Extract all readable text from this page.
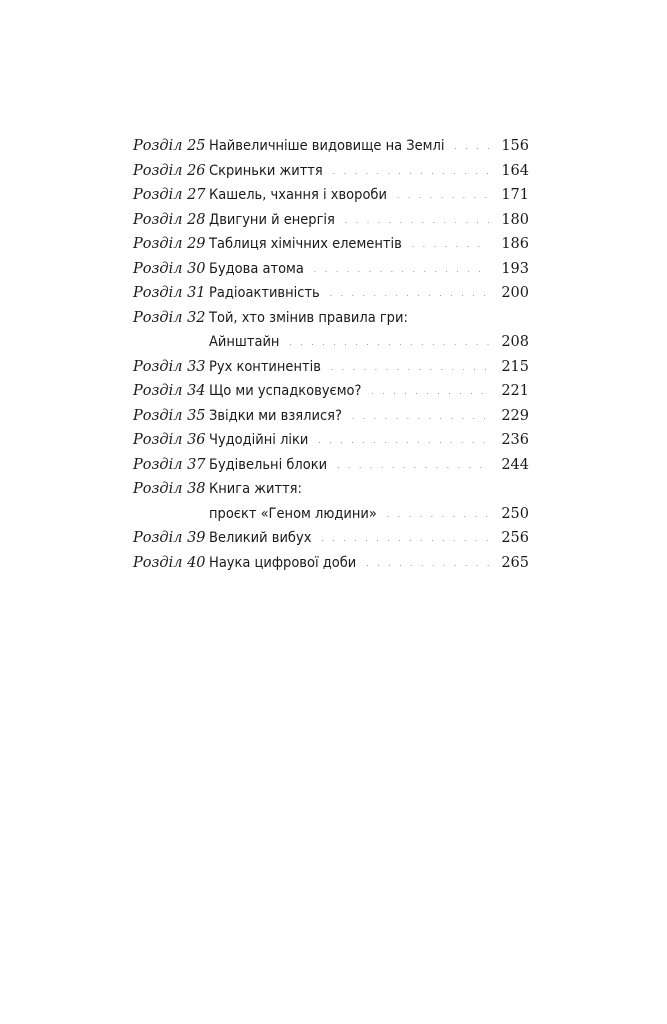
Розділ 25 Найвеличніше видовище на Землі . . .	156
Розділ 26 Скриньки життя . . .	164
Розділ 27 Кашель, чхання і хвороби . . .	171
Розділ 28 Двигуни й енергія . . .	180
Розділ 29 Таблиця хімічних елементів . . .	186
Розділ 30 Будова атома . . .	193
Розділ 31 Радіоактивність . . .	200
Розділ 32 Той, хто змінив правила гри:
Айнштайн . . .	208
Розділ 33 Рух континентів . . .	215
Розділ 34 Що ми успадковуємо? . . .	221
Розділ 35 Звідки ми взялися? . . .	229
Розділ 36 Чудодійні ліки . . .	236
Розділ 37 Будівельні блоки . . .	244
Розділ 38 Книга життя:
проєкт «Геном людини» . . .	250
Розділ 39 Великий вибух . . .	256
Розділ 40 Наука цифрової доби . . .	265
